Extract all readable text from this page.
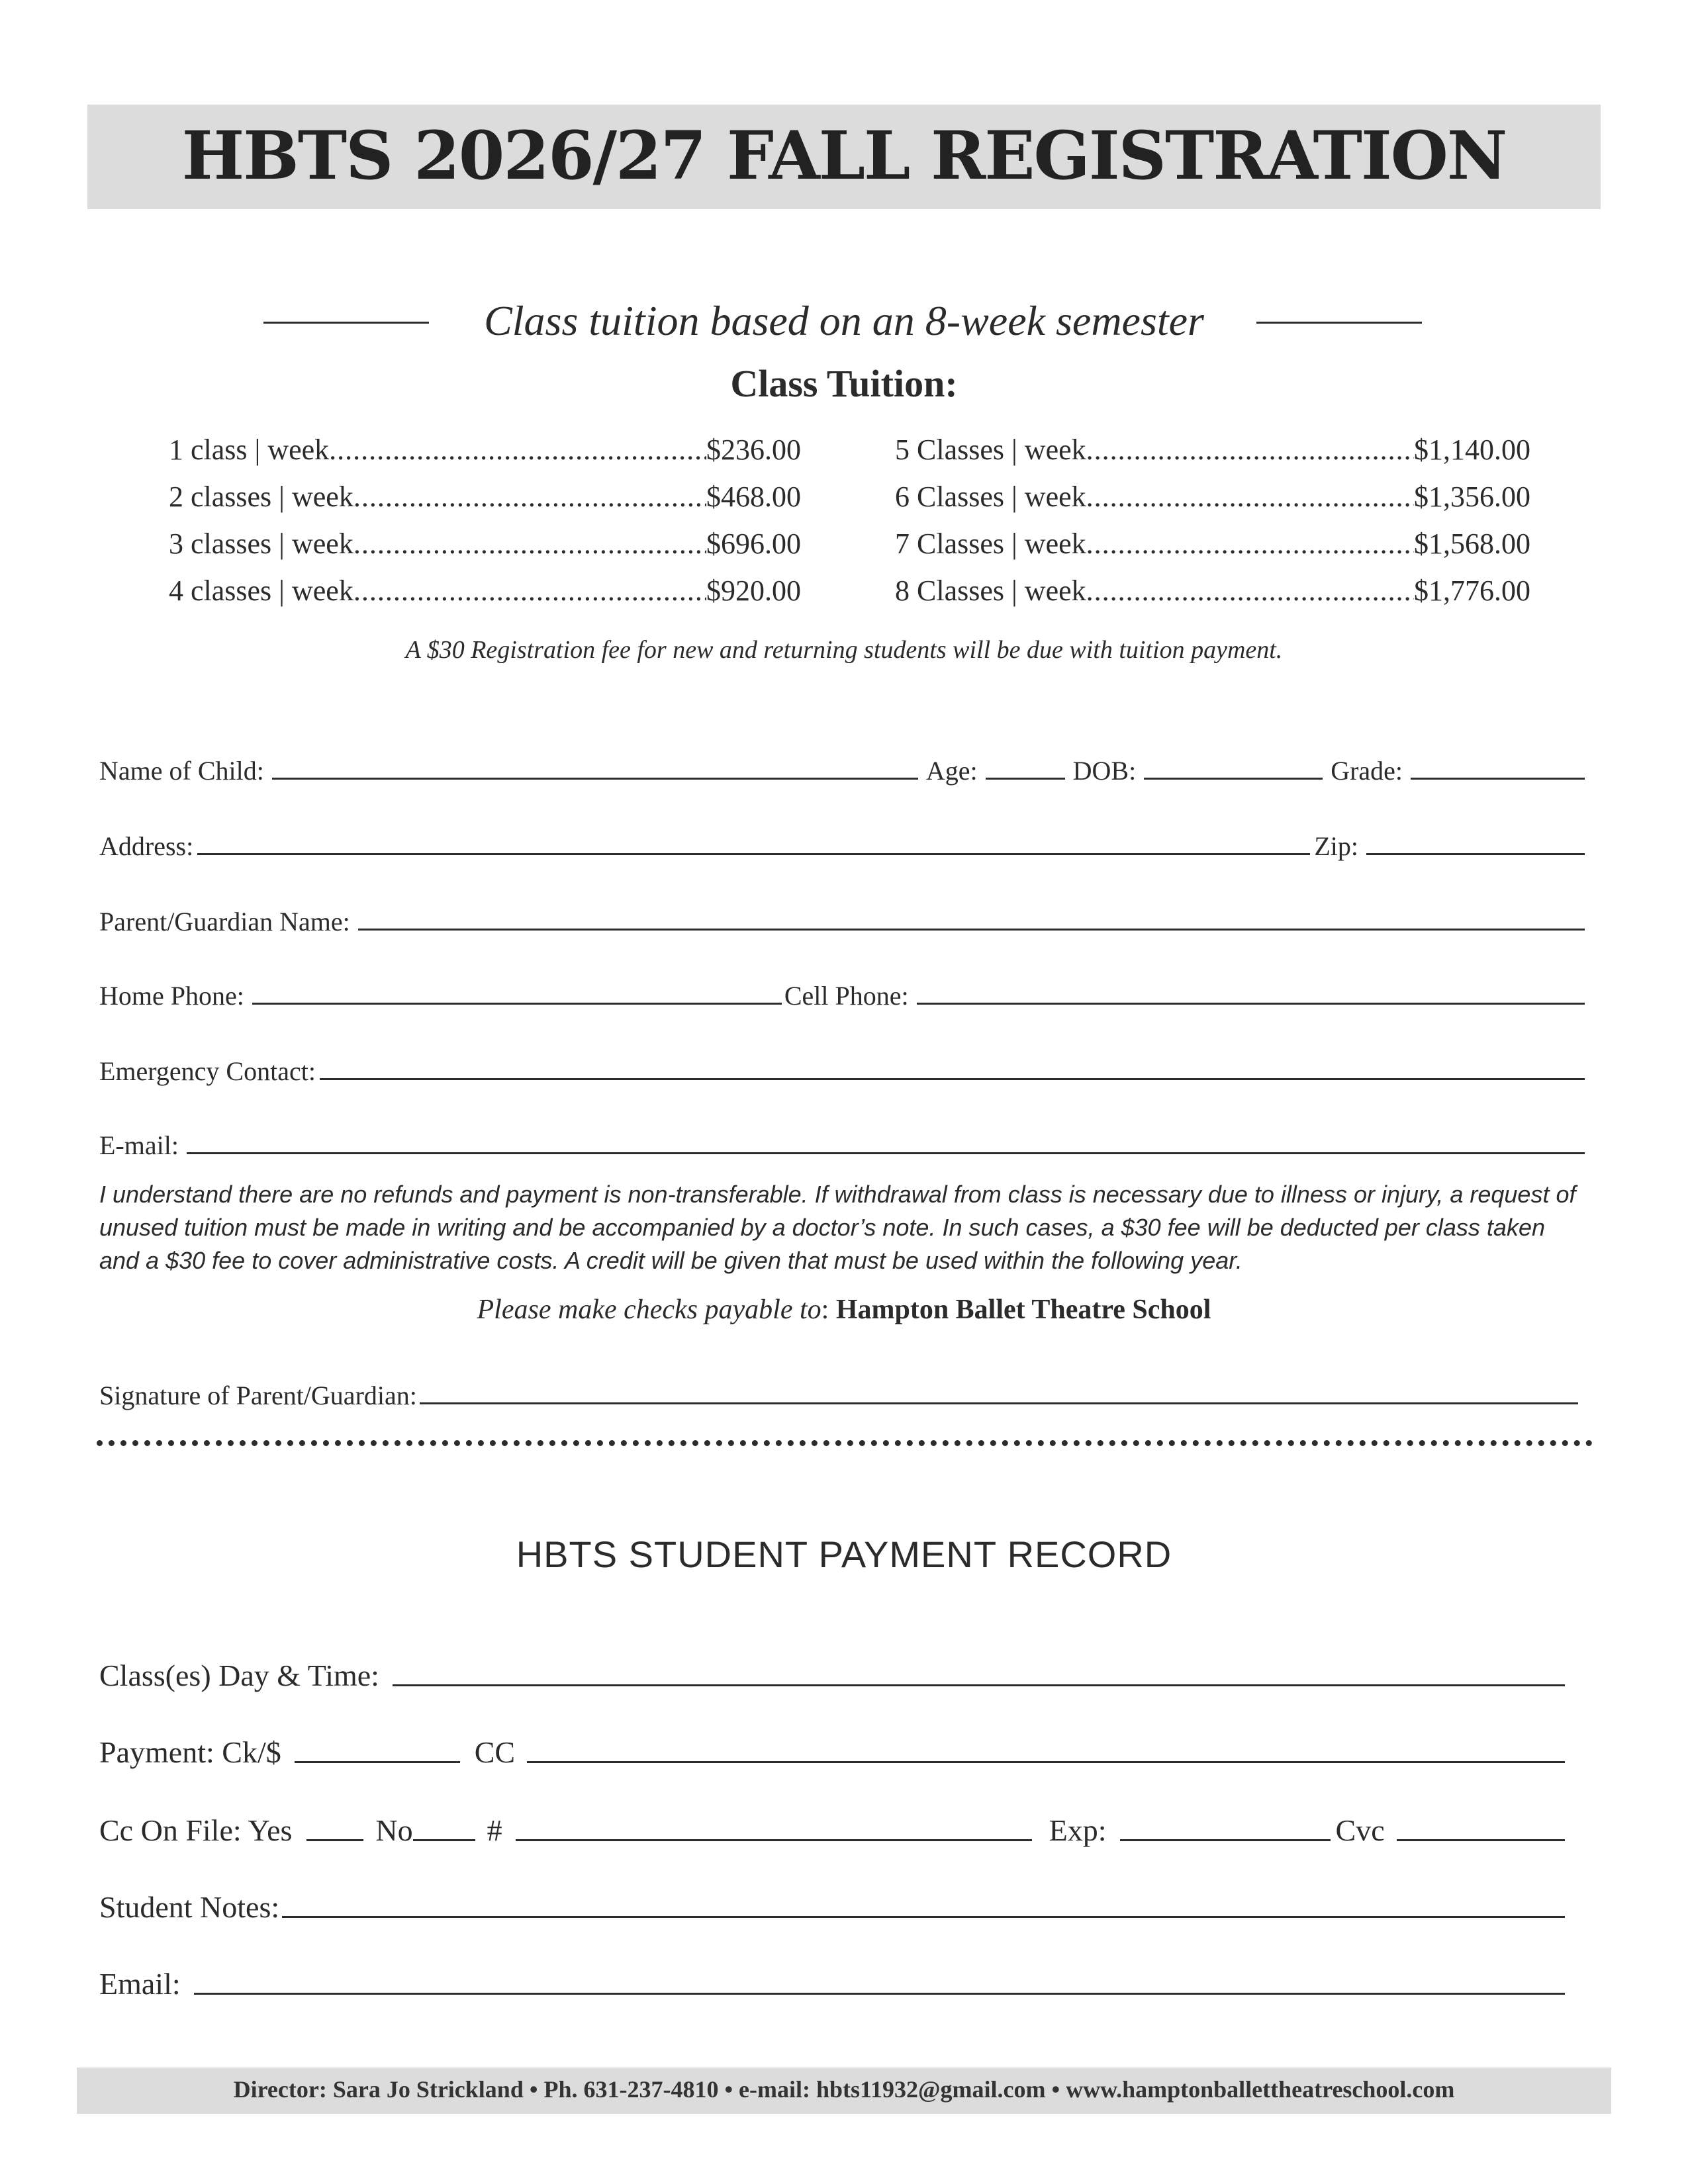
HBTS 2026/27 FALL REGISTRATION
Class tuition based on an 8-week semester
Class Tuition:
1 class | week .....	$236.00
2 classes | week .....	$468.00
3 classes | week .....	$696.00
4 classes | week .....	$920.00
5 Classes | week .....	$1,140.00
6 Classes | week .....	$1,356.00
7 Classes | week .....	$1,568.00
8 Classes | week .....	$1,776.00
A $30 Registration fee for new and returning students will be due with tuition payment.
Name of Child:	Age:	DOB:	Grade:
Address:	Zip:
Parent/Guardian Name:
Home Phone:	Cell Phone:
Emergency Contact:
E-mail:
I understand there are no refunds and payment is non-transferable. If withdrawal from class is necessary due to illness or injury, a request of unused tuition must be made in writing and be accompanied by a doctor’s note. In such cases, a $30 fee will be deducted per class taken and a $30 fee to cover administrative costs. A credit will be given that must be used within the following year.
Please make checks payable to: Hampton Ballet Theatre School
Signature of Parent/Guardian:
HBTS STUDENT PAYMENT RECORD
Class(es) Day & Time:
Payment: Ck/$	CC
Cc On File: Yes	No #	Exp:	Cvc
Student Notes:
Email:
Director: Sara Jo Strickland • Ph. 631-237-4810 • e-mail: hbts11932@gmail.com • www.hamptonballettheatreschool.com
